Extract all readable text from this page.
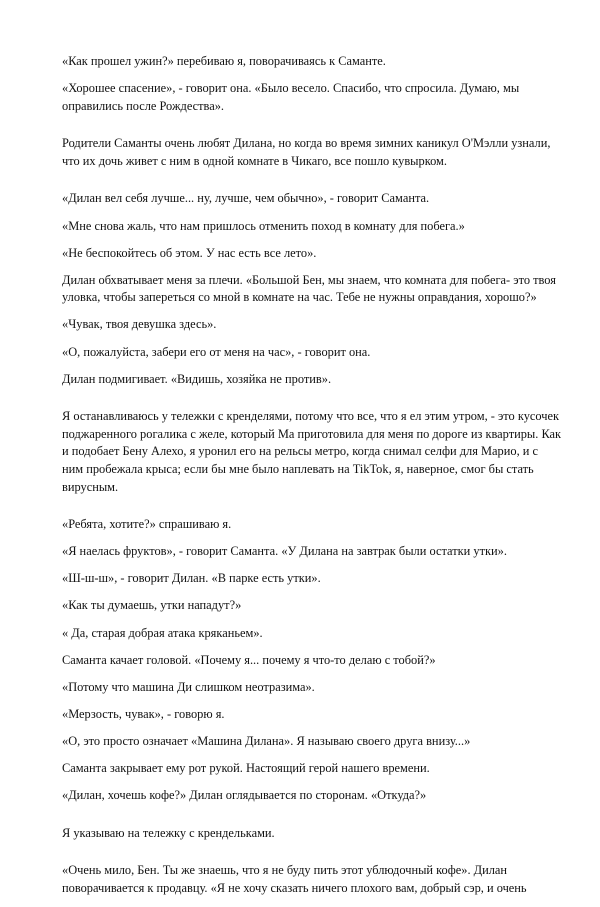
«Как прошел ужин?» перебиваю я, поворачиваясь к Саманте.

«Хорошее спасение», - говорит она. «Было весело. Спасибо, что спросила. Думаю, мы оправились после Рождества».

Родители Саманты очень любят Дилана, но когда во время зимних каникул О'Мэлли узнали, что их дочь живет с ним в одной комнате в Чикаго, все пошло кувырком.

«Дилан вел себя лучше... ну, лучше, чем обычно», - говорит Саманта.

«Мне снова жаль, что нам пришлось отменить поход в комнату для побега.»

«Не беспокойтесь об этом. У нас есть все лето».

Дилан обхватывает меня за плечи. «Большой Бен, мы знаем, что комната для побега- это твоя уловка, чтобы запереться со мной в комнате на час. Тебе не нужны оправдания, хорошо?»

«Чувак, твоя девушка здесь».

«О, пожалуйста, забери его от меня на час», - говорит она.

Дилан подмигивает. «Видишь, хозяйка не против».

Я останавливаюсь у тележки с кренделями, потому что все, что я ел этим утром, - это кусочек поджаренного рогалика с желе, который Ма приготовила для меня по дороге из квартиры. Как и подобает Бену Алехо, я уронил его на рельсы метро, когда снимал селфи для Марио, и с ним пробежала крыса; если бы мне было наплевать на TikTok, я, наверное, смог бы стать вирусным.

«Ребята, хотите?» спрашиваю я.

«Я наелась фруктов», - говорит Саманта. «У Дилана на завтрак были остатки утки».

«Ш-ш-ш», - говорит Дилан. «В парке есть утки».

«Как ты думаешь, утки нападут?»

« Да, старая добрая атака кряканьем».

Саманта качает головой. «Почему я... почему я что-то делаю с тобой?»

«Потому что машина Ди слишком неотразима».

«Мерзость, чувак», - говорю я.

«О, это просто означает «Машина Дилана». Я называю своего друга внизу...»

Саманта закрывает ему рот рукой. Настоящий герой нашего времени.

«Дилан, хочешь кофе?» Дилан оглядывается по сторонам. «Откуда?»

Я указываю на тележку с крендельками.

«Очень мило, Бен. Ты же знаешь, что я не буду пить этот ублюдочный кофе». Дилан поворачивается к продавцу. «Я не хочу сказать ничего плохого вам, добрый сэр, и очень
